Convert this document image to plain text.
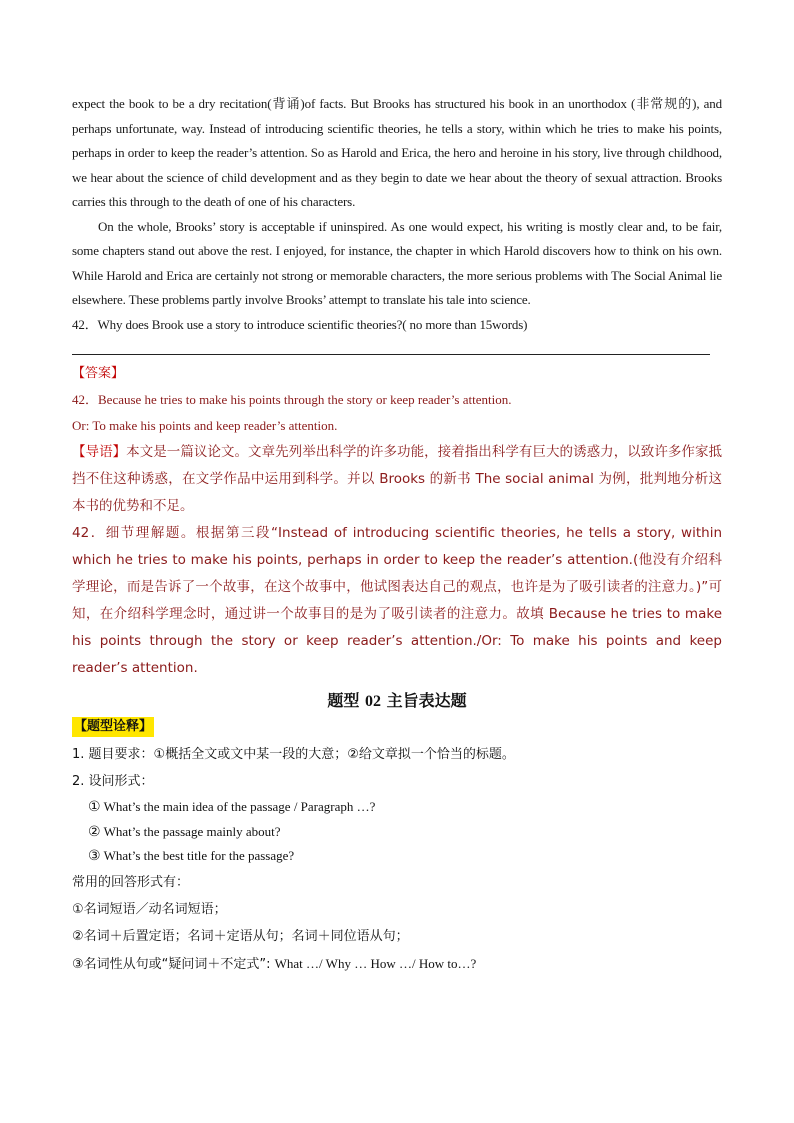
expect the book to be a dry recitation(背诵)of facts. But Brooks has structured his book in an unorthodox (非常规的), and perhaps unfortunate, way. Instead of introducing scientific theories, he tells a story, within which he tries to make his points, perhaps in order to keep the reader’s attention. So as Harold and Erica, the hero and heroine in his story, live through childhood, we hear about the science of child development and as they begin to date we hear about the theory of sexual attraction. Brooks carries this through to the death of one of his characters.

On the whole, Brooks’ story is acceptable if uninspired. As one would expect, his writing is mostly clear and, to be fair, some chapters stand out above the rest. I enjoyed, for instance, the chapter in which Harold discovers how to think on his own. While Harold and Erica are certainly not strong or memorable characters, the more serious problems with The Social Animal lie elsewhere. These problems partly involve Brooks’ attempt to translate his tale into science.

42．Why does Brook use a story to introduce scientific theories?( no more than 15words)

【答案】

42．Because he tries to make his points through the story or keep reader’s attention.

Or: To make his points and keep reader’s attention.

【导语】本文是一篇议论文。文章先列举出科学的许多功能，接着指出科学有巨大的诱惑力，以致许多作家抵挡不住这种诱惑，在文学作品中运用到科学。并以 Brooks 的新书 The social animal 为例，批判地分析这本书的优势和不足。

42．细节理解题。根据第三段“Instead of introducing scientific theories, he tells a story, within which he tries to make his points, perhaps in order to keep the reader’s attention.(他没有介绍科学理论，而是告诉了一个故事，在这个故事中，他试图表达自己的观点，也许是为了吸引读者的注意力。)”可知，在介绍科学理念时，通过讲一个故事目的是为了吸引读者的注意力。故填 Because he tries to make his points through the story or keep reader’s attention./Or: To make his points and keep reader’s attention.

题型 02 主旨表达题
【题型诠释】

1. 题目要求：①概括全文或文中某一段的大意；②给文章拟一个恰当的标题。

2. 设问形式：

① What’s the main idea of the passage / Paragraph …?

② What’s the passage mainly about?

③ What’s the best title for the passage?

常用的回答形式有：

①名词短语／动名词短语；

②名词＋后置定语；名词＋定语从句；名词＋同位语从句；

③名词性从句或“疑问词＋不定式”: What …/ Why … How …/ How to…?
